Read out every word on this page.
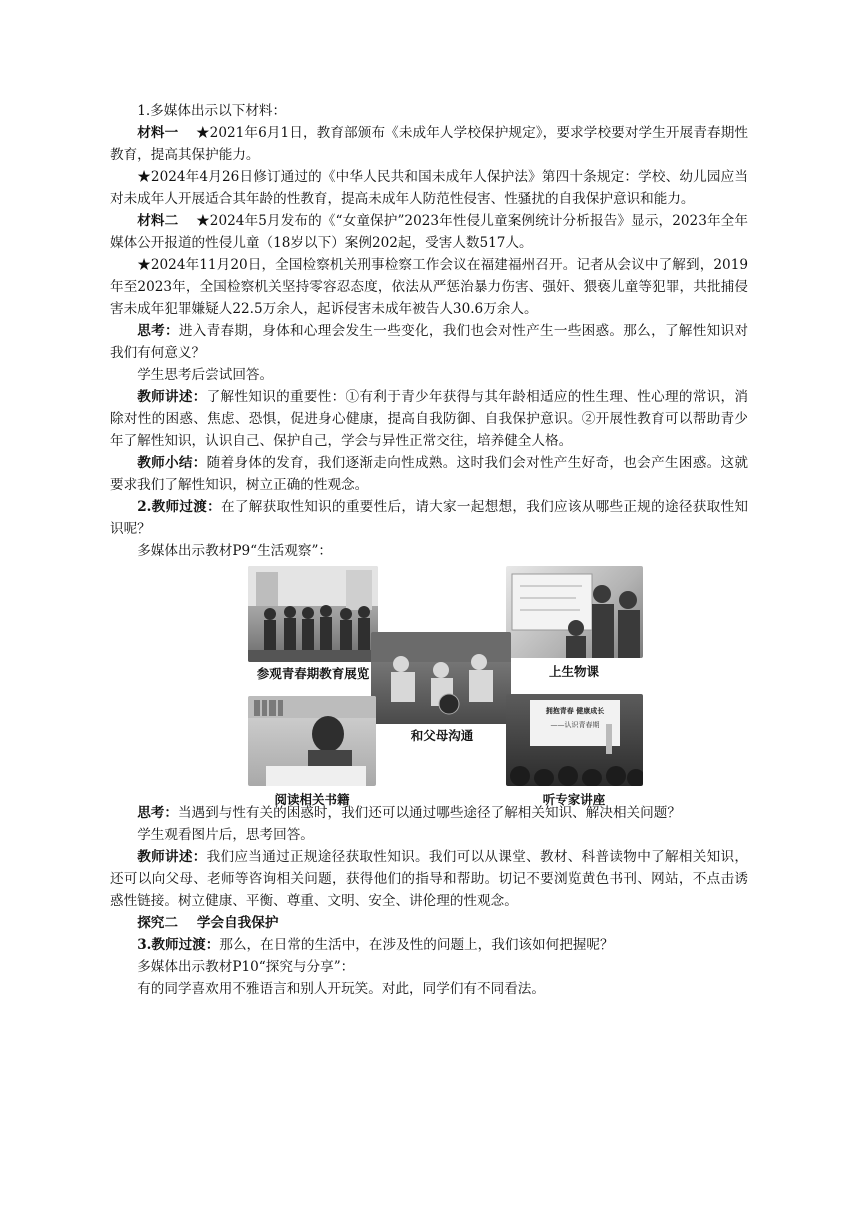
1.多媒体出示以下材料：

材料一 ★2021年6月1日，教育部颁布《未成年人学校保护规定》，要求学校要对学生开展青春期性教育，提高其保护能力。

★2024年4月26日修订通过的《中华人民共和国未成年人保护法》第四十条规定：学校、幼儿园应当对未成年人开展适合其年龄的性教育，提高未成年人防范性侵害、性骚扰的自我保护意识和能力。

材料二 ★2024年5月发布的《“女童保护”2023年性侵儿童案例统计分析报告》显示，2023年全年媒体公开报道的性侵儿童（18岁以下）案例202起，受害人数517人。

★2024年11月20日，全国检察机关刑事检察工作会议在福建福州召开。记者从会议中了解到，2019年至2023年，全国检察机关坚持零容忍态度，依法从严惩治暴力伤害、强奸、猥亵儿童等犯罪，共批捕侵害未成年犯罪嫌疑人22.5万余人，起诉侵害未成年被告人30.6万余人。

思考：进入青春期，身体和心理会发生一些变化，我们也会对性产生一些困惑。那么，了解性知识对我们有何意义？

学生思考后尝试回答。

教师讲述：了解性知识的重要性：①有利于青少年获得与其年龄相适应的性生理、性心理的常识，消除对性的困惑、焦虑、恐惧，促进身心健康，提高自我防御、自我保护意识。②开展性教育可以帮助青少年了解性知识，认识自己、保护自己，学会与异性正常交往，培养健全人格。

教师小结：随着身体的发育，我们逐渐走向性成熟。这时我们会对性产生好奇，也会产生困惑。这就要求我们了解性知识，树立正确的性观念。

2.教师过渡：在了解获取性知识的重要性后，请大家一起想想，我们应该从哪些正规的途径获取性知识呢？

多媒体出示教材P9“生活观察”：

参观青春期教育展览	上生物课
和父母沟通
阅读相关书籍
拥抱青春 健康成长
——认识青春期
听专家讲座

思考：当遇到与性有关的困惑时，我们还可以通过哪些途径了解相关知识、解决相关问题？

学生观看图片后，思考回答。

教师讲述：我们应当通过正规途径获取性知识。我们可以从课堂、教材、科普读物中了解相关知识，还可以向父母、老师等咨询相关问题，获得他们的指导和帮助。切记不要浏览黄色书刊、网站，不点击诱惑性链接。树立健康、平衡、尊重、文明、安全、讲伦理的性观念。

探究二    学会自我保护

3.教师过渡：那么，在日常的生活中，在涉及性的问题上，我们该如何把握呢？

多媒体出示教材P10“探究与分享”：

有的同学喜欢用不雅语言和别人开玩笑。对此，同学们有不同看法。
